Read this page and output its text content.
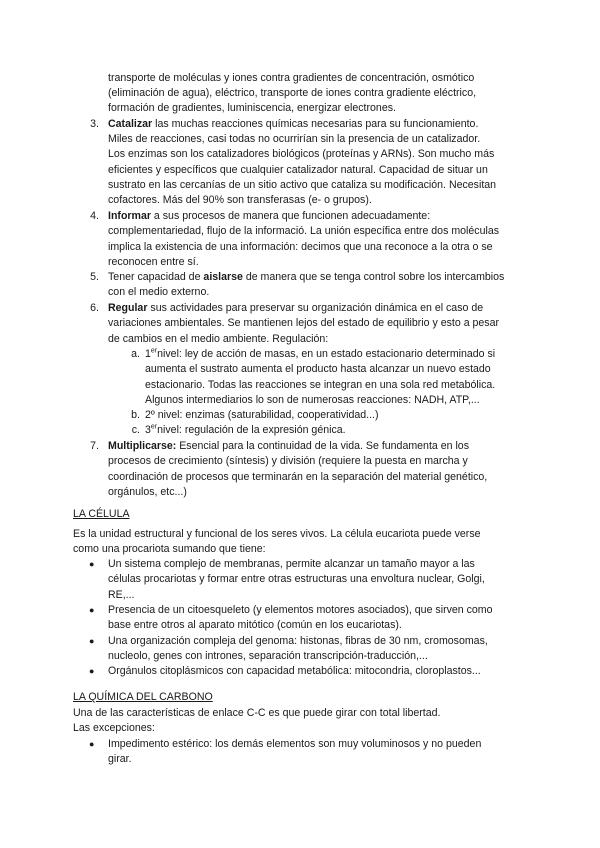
transporte de moléculas y iones contra gradientes de concentración, osmótico
(eliminación de agua), eléctrico, transporte de iones contra gradiente eléctrico,
formación de gradientes, luminiscencia, energizar electrones.
3. Catalizar las muchas reacciones químicas necesarias para su funcionamiento.
Miles de reacciones, casi todas no ocurrirían sin la presencia de un catalizador.
Los enzimas son los catalizadores biológicos (proteínas y ARNs). Son mucho más
eficientes y específicos que cualquier catalizador natural. Capacidad de situar un
sustrato en las cercanías de un sitio activo que cataliza su modificación. Necesitan
cofactores. Más del 90% son transferasas (e- o grupos).
4. Informar a sus procesos de manera que funcionen adecuadamente:
complementariedad, flujo de la informació. La unión específica entre dos moléculas
implica la existencia de una información: decimos que una reconoce a la otra o se
reconocen entre sí.
5. Tener capacidad de aislarse de manera que se tenga control sobre los intercambios
con el medio externo.
6. Regular sus actividades para preservar su organización dinámica en el caso de
variaciones ambientales. Se mantienen lejos del estado de equilibrio y esto a pesar
de cambios en el medio ambiente. Regulación:
a. 1ernivel: ley de acción de masas, en un estado estacionario determinado si
aumenta el sustrato aumenta el producto hasta alcanzar un nuevo estado
estacionario. Todas las reacciones se integran en una sola red metabólica.
Algunos intermediarios lo son de numerosas reacciones: NADH, ATP,...
b. 2º nivel: enzimas (saturabilidad, cooperatividad...)
c. 3ernivel: regulación de la expresión génica.
7. Multiplicarse: Esencial para la continuidad de la vida. Se fundamenta en los
procesos de crecimiento (síntesis) y división (requiere la puesta en marcha y
coordinación de procesos que terminarán en la separación del material genético,
orgánulos, etc...)
LA CÉLULA
Es la unidad estructural y funcional de los seres vivos. La célula eucariota puede verse
como una procariota sumando que tiene:
● Un sistema complejo de membranas, permite alcanzar un tamaño mayor a las
células procariotas y formar entre otras estructuras una envoltura nuclear, Golgi,
RE,...
● Presencia de un citoesqueleto (y elementos motores asociados), que sirven como
base entre otros al aparato mitótico (común en los eucariotas).
● Una organización compleja del genoma: histonas, fibras de 30 nm, cromosomas,
nucleolo, genes con intrones, separación transcripción-traducción,...
● Orgánulos citoplásmicos con capacidad metabólica: mitocondria, cloroplastos...
LA QUÍMICA DEL CARBONO
Una de las características de enlace C-C es que puede girar con total libertad.
Las excepciones:
● Impedimento estérico: los demás elementos son muy voluminosos y no pueden
girar.
